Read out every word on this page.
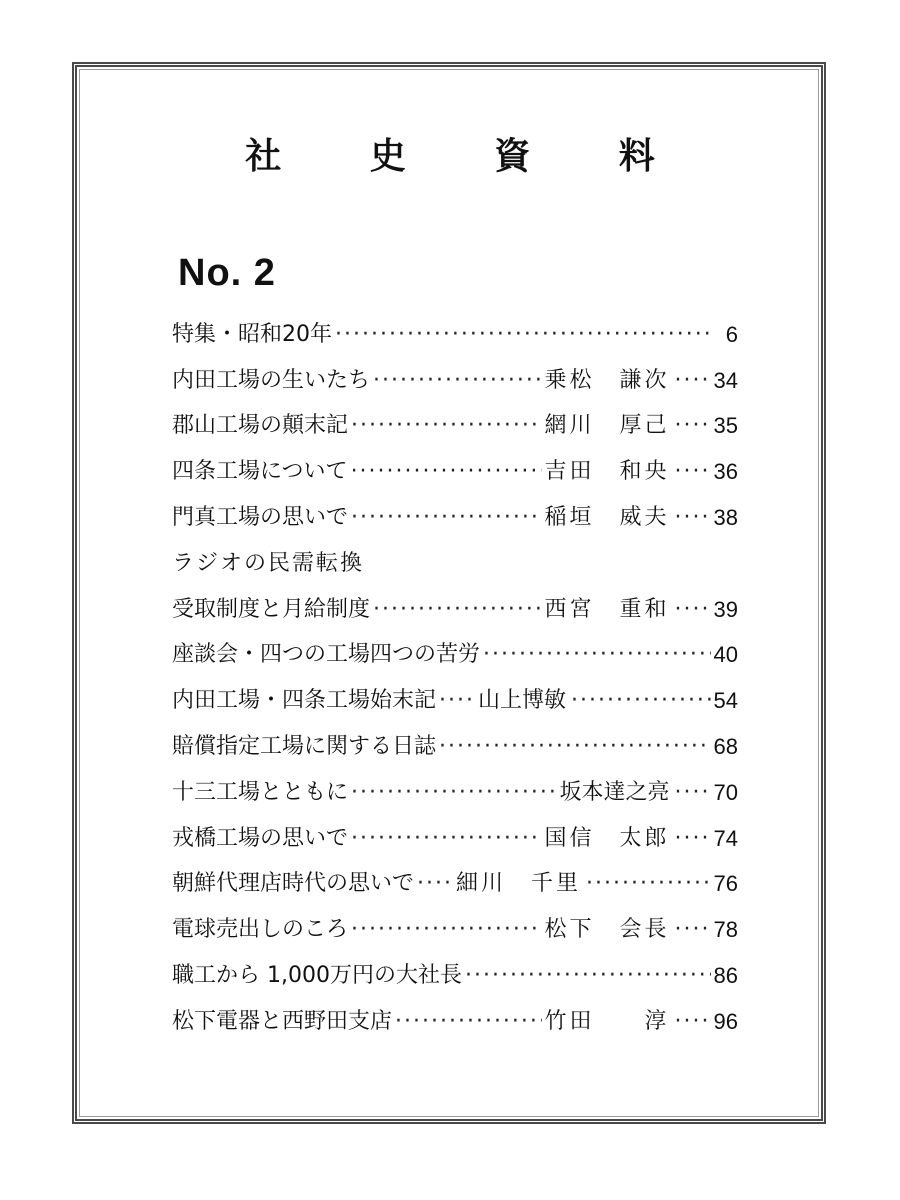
社 史 資 料
No. 2
特集・昭和20年 ·····	6
内田工場の生いたち ·····	乗松　謙次 ····· 34
郡山工場の顛末記 ·····	網川　厚己 ····· 35
四条工場について ·····	吉田　和央 ····· 36
門真工場の思いで ·····	稲垣　威夫 ····· 38
ラジオの民需転換
受取制度と月給制度 ·····	西宮　重和 ····· 39
座談会・四つの工場四つの苦労 ·····	40
内田工場・四条工場始末記 ····· 山上博敏 ·····	54
賠償指定工場に関する日誌 ·····	68
十三工場とともに ·····	坂本達之亮 ····· 70
戎橋工場の思いで ·····	国信　太郎 ····· 74
朝鮮代理店時代の思いで ····· 細川　千里 ·····	76
電球売出しのころ ·····	松下　会長 ····· 78
職工から 1,000万円の大社長 ·····	86
松下電器と西野田支店 ·····	竹田　　淳 ····· 96
